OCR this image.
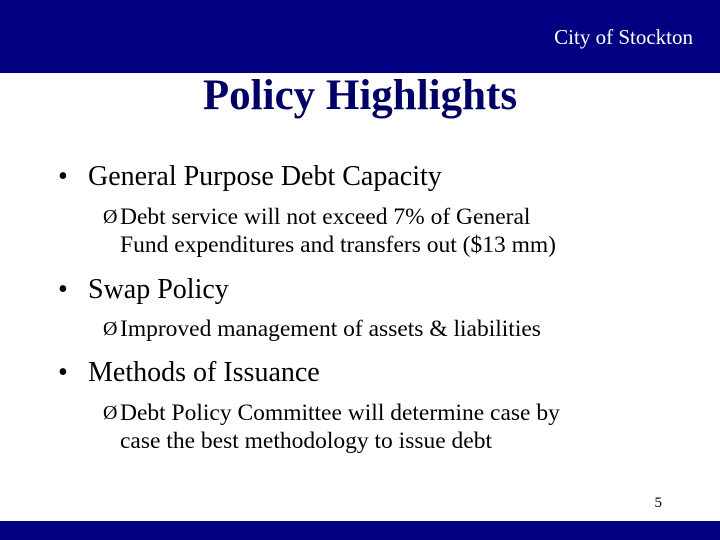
City of Stockton
Policy Highlights
• General Purpose Debt Capacity
Ø Debt service will not exceed 7% of General
Fund expenditures and transfers out ($13 mm)
• Swap Policy
Ø Improved management of assets & liabilities
• Methods of Issuance
Ø Debt Policy Committee will determine case by
case the best methodology to issue debt
5
